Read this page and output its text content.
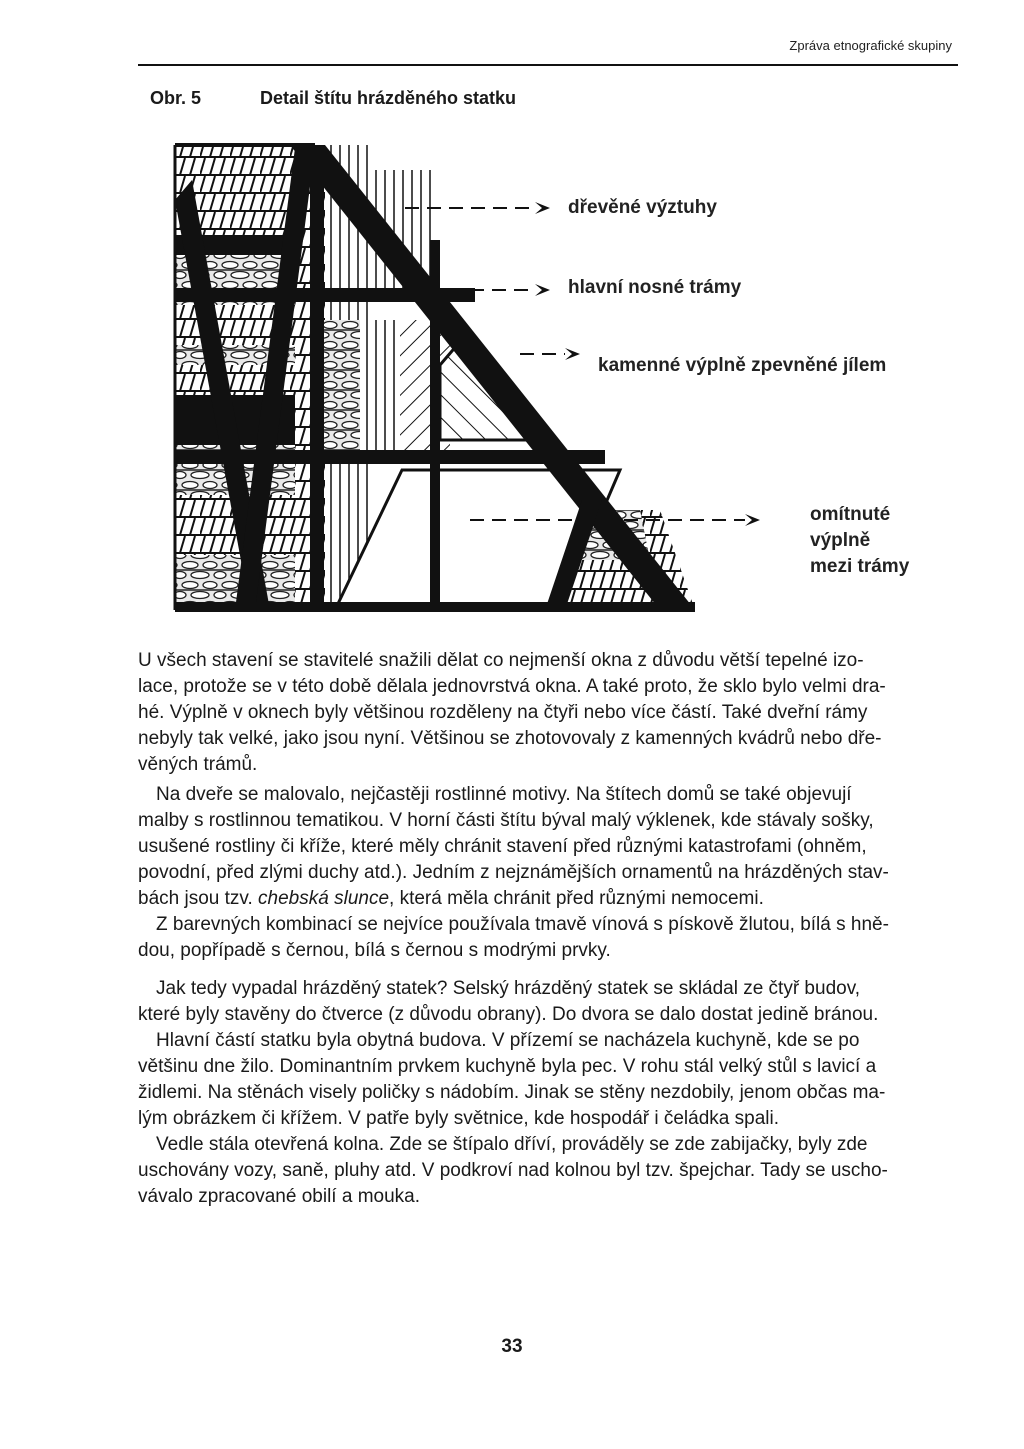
Zpráva etnografické skupiny
Obr. 5	Detail štítu hrázděného statku
dřevěné výztuhy
hlavní nosné trámy
kamenné výplně zpevněné jílem
omítnuté
výplně
mezi trámy

U všech stavení se stavitelé snažili dělat co nejmenší okna z důvodu větší tepelné izo-
lace, protože se v této době dělala jednovrstvá okna. A také proto, že sklo bylo velmi dra-
hé. Výplně v oknech byly většinou rozděleny na čtyři nebo více částí. Také dveřní rámy
nebyly tak velké, jako jsou nyní. Většinou se zhotovovaly z kamenných kvádrů nebo dře-
věných trámů.

Na dveře se malovalo, nejčastěji rostlinné motivy. Na štítech domů se také objevují
malby s rostlinnou tematikou. V horní části štítu býval malý výklenek, kde stávaly sošky,
usušené rostliny či kříže, které měly chránit stavení před různými katastrofami (ohněm,
povodní, před zlými duchy atd.). Jedním z nejznámějších ornamentů na hrázděných stav-
bách jsou tzv. chebská slunce, která měla chránit před různými nemocemi.

Z barevných kombinací se nejvíce používala tmavě vínová s pískově žlutou, bílá s hně-
dou, popřípadě s černou, bílá s černou s modrými prvky.

Jak tedy vypadal hrázděný statek? Selský hrázděný statek se skládal ze čtyř budov,
které byly stavěny do čtverce (z důvodu obrany). Do dvora se dalo dostat jedině bránou.

Hlavní částí statku byla obytná budova. V přízemí se nacházela kuchyně, kde se po
většinu dne žilo. Dominantním prvkem kuchyně byla pec. V rohu stál velký stůl s lavicí a
židlemi. Na stěnách visely poličky s nádobím. Jinak se stěny nezdobily, jenom občas ma-
lým obrázkem či křížem. V patře byly světnice, kde hospodář i čeládka spali.

Vedle stála otevřená kolna. Zde se štípalo dříví, prováděly se zde zabijačky, byly zde
uschovány vozy, saně, pluhy atd. V podkroví nad kolnou byl tzv. špejchar. Tady se uscho-
vávalo zpracované obilí a mouka.

33
